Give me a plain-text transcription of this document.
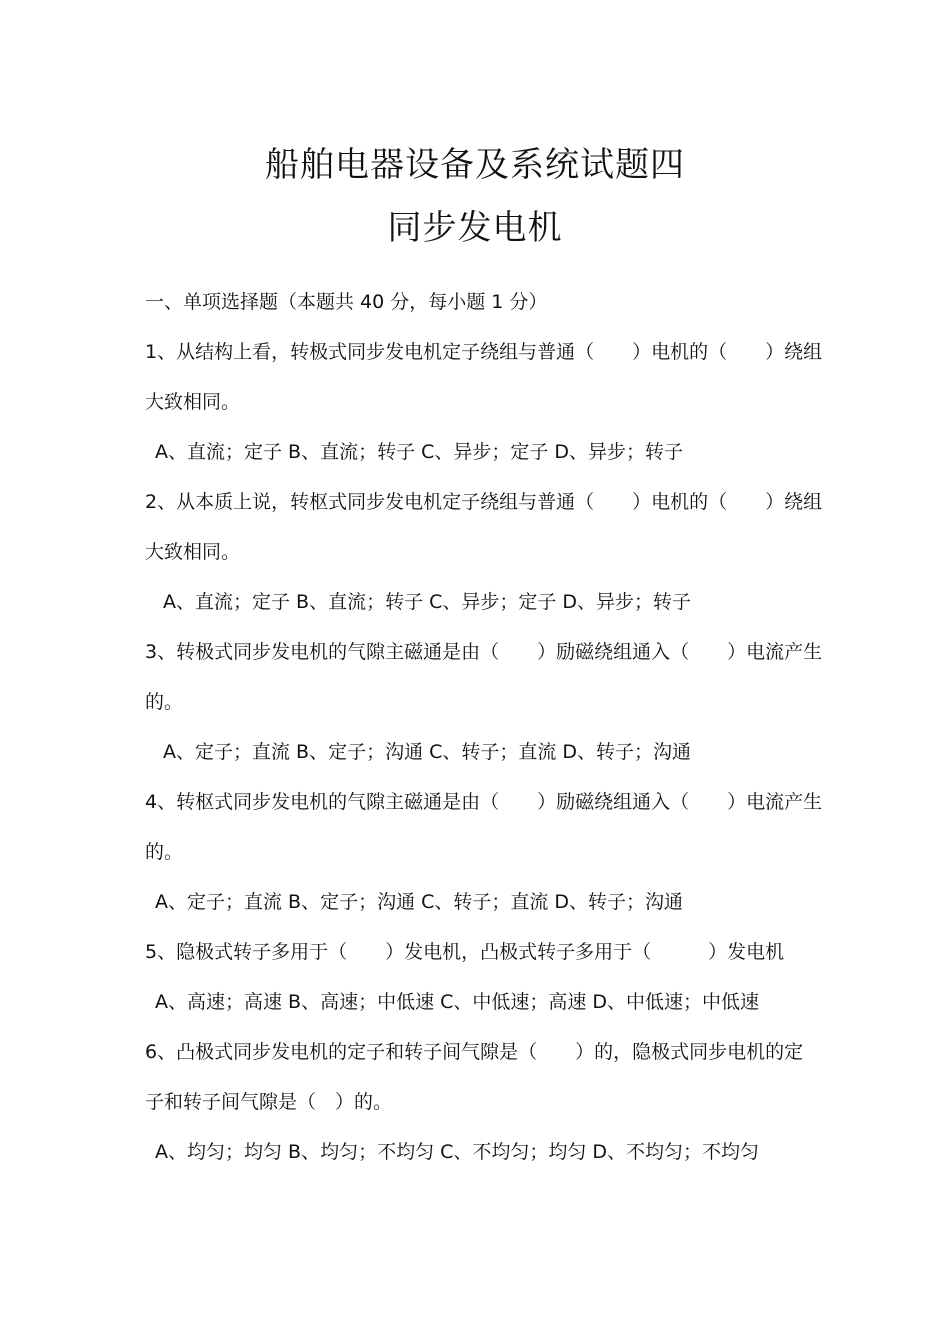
船舶电器设备及系统试题四
同步发电机
一、单项选择题（本题共 40 分，每小题 1 分）
1、从结构上看，转极式同步发电机定子绕组与普通（　　）电机的（　　）绕组
大致相同。
A、直流；定子 B、直流；转子 C、异步；定子 D、异步；转子
2、从本质上说，转枢式同步发电机定子绕组与普通（　　）电机的（　　）绕组
大致相同。
A、直流；定子 B、直流；转子 C、异步；定子 D、异步；转子
3、转极式同步发电机的气隙主磁通是由（　　）励磁绕组通入（　　）电流产生
的。
A、定子；直流 B、定子；沟通 C、转子；直流 D、转子；沟通
4、转枢式同步发电机的气隙主磁通是由（　　）励磁绕组通入（　　）电流产生
的。
A、定子；直流 B、定子；沟通 C、转子；直流 D、转子；沟通
5、隐极式转子多用于（　　）发电机，凸极式转子多用于（　　　）发电机
A、高速；高速 B、高速；中低速 C、中低速；高速 D、中低速；中低速
6、凸极式同步发电机的定子和转子间气隙是（　　）的，隐极式同步电机的定
子和转子间气隙是（　）的。
A、均匀；均匀 B、均匀；不均匀 C、不均匀；均匀 D、不均匀；不均匀
